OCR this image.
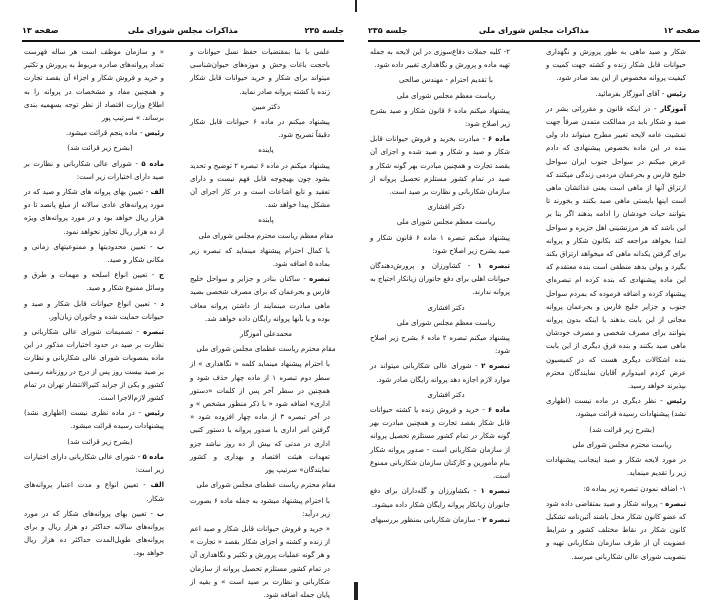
جلسه ۲۳۵
مذاکرات مجلس شورای ملی
صفحه ۱۳

علمی با بنا بمقتضیات حفظ نسل حیوانات و باحجت باغات وحش و موزه‌های حیوان‌شناسی میتواند برای شکار و خرید حیوانات قابل شکار زنده یا کشته پروانه صادر نماید.

دکتر مبین

پیشنهاد میکنم در ماده ۶ حیوانات قابل شکار دقیقاً تصریح شود.

پاینده

پیشنهاد میکنم در ماده ۶ تبصره ۲ توضیح و تحدید بشود چون بهیچوجه قابل فهم نیست و دارای تعقید و تابع اشاعات است و در کار اجرای آن مشکل پیدا خواهد شد.

پاینده

مقام معظم ریاست محترم مجلس شورای ملی

با کمال احترام پیشنهاد مینماید که تبصره زیر بماده ۵ اضافه شود.

تبصره - ساکنان بنادر و جزایر و سواحل خلیج فارس و بحرعمان که برای مصرف شخصی بصید ماهی مبادرت مینمایند از داشتن پروانه معاف بوده و یا بآنها پروانه رایگان داده خواهد شد.

محمدعلی آموزگار

مقام محترم ریاست عظمای مجلس شورای ملی

با احترام پیشنهاد مینماید کلمه « نگاهداری » از سطر دوم تبصره ۱ از ماده چهار حذف شود و همچنین در سطر آخر پس از کلمات «دستور اداری» اضافه شود « با ذکر منظور مشخص » و در آخر تبصره ۳ از ماده چهار افزوده شود « گرفتن امر اداری با صدور پروانه با دستور کتبی اداری در مدتی که بیش از ده روز نباشد جزو تعهدات هیئت اقتصاد و بهداری و کشور نمایندگان» سرتیپ پور

مقام محترم ریاست عظمای مجلس شورای ملی

با احترام پیشنهاد میشود به جمله ماده ۶ بصورت زیر درآید:

« خرید و فروش حیوانات قابل شکار و صید اعم از زنده و کشته و اجزای شکار بقصد « تجارت » و هر گونه عملیات پرورش و تکثیر و نگاهداری آن در تمام کشور مستلزم تحصیل پروانه از سازمان شکاربانی و نظارت بر صید است » و بقیه از پایان جمله اضافه شود.

« و سازمان موظف است هر ساله فهرست تعداد پروانه‌های صادره مربوط به پرورش و تکثیر و خرید و فروش شکار و اجزاء آن بقصد تجارت و همچنین مفاد و مشخصات در پروانه را به اطلاع وزارت اقتصاد از نظر توجه بسهمیه بندی برساند. » سرتیپ پور

رئیس - ماده پنجم قرائت میشود.

(بشرح زیر قرائت شد)

ماده ۵ - شورای عالی شکاربانی و نظارت بر صید دارای اختیارات زیر است:

الف - تعیین بهای پروانه های شکار و صید که در مورد پروانه‌های عادی سالانه از مبلغ پانصد تا دو هزار ریال خواهد بود و در مورد پروانه‌های ویژه از ده هزار ریال تجاوز نخواهد نمود.

ب - تعیین محدودیتها و ممنوعیتهای زمانی و مکانی شکار و صید.

ج - تعیین انواع اسلحه و مهمات و طرق و وسائل ممنوع شکار و صید.

د - تعیین انواع حیوانات قابل شکار و صید و حیوانات حمایت شده و جانوران زیان‌آور.

تبصره - تصمیمات شورای عالی شکاربانی و نظارت بر صید در حدود اختیارات مذکور در این ماده بمصوبات شورای عالی شکاربانی و نظارت بر صید بیست روز پس از درج در روزنامه رسمی کشور و یکی از جراید کثیرالانتشار تهران در تمام کشور لازم‌الاجرا است.

رئیس - در ماده نظری نیست (اظهاری نشد) پیشنهادات رسیده قرائت میشود.

(بشرح زیر قرائت شد)

ماده ۵ - شورای عالی شکاربانی دارای اختیارات زیر است:

الف - تعیین انواع و مدت اعتبار پروانه‌های شکار.

ب - تعیین بهای پروانه‌های شکار که در مورد پروانه‌های سالانه حداکثر دو هزار ریال و برای پروانه‌های طویل‌المدت حداکثر ده هزار ریال خواهد بود.

صفحه ۱۲
مذاکرات مجلس شورای ملی
جلسه ۲۳۵

شکار و صید ماهی به طور پرورش و نگهداری حیوانات قابل شکار زنده و کشته جهت کمیت و کیفیت پروانه مخصوص از این بعد صادر شود.

رئیس - آقای آموزگار بفرمائید.

آموزگار - در اینکه قانون و مقرراتی بشر در صید و شکار باید در ممالکت متمدن صرفاً جهت تمشیت عامه لایحه تغییر مطرح میتواند داد ولی بنده در این ماده بخصوص پیشنهادی که دادم عرض میکنم در سواحل جنوب ایران سواحل خلیج فارس و بحرعمان مردمی زندگی میکنند که ارتزاق آنها از ماهی است یعنی غذائشان ماهی است اینها بایستی ماهی صید بکنند و بخورند تا بتوانند حیات خودشان را ادامه بدهند اگر بنا بر این باشد که هر مرزنشینی اهل جزیره و سواحل ابتدا بخواهد مراجعه کند بکانون شکار و پروانه برای گرفتن یکدانه ماهی که میخواهد ارتزاق بکند بگیرد و پولی بدهد منطقی است بنده معتقدم که این ماده پیشنهادی که بنده کرده ام تبصره‌ای پیشنهاد کرده و اضافه فرموده که بمردم سواحل جنوب و جزایر خلیج فارس و بحرعمان پروانه مجانی از این بابت بدهند یا اینکه بدون پروانه بتوانند برای مصرف شخصی و مصرف خودشان ماهی صید بکنند و بنده فرق دیگری از این بابت بنده اشکالات دیگری هست که در کمیسیون عرض کردم امیدوارم آقایان نمایندگان محترم بپذیرند خواهد رسید.

رئیس - نظر دیگری در ماده نیست (اظهاری نشد) پیشنهادات رسیده قرائت میشود.

(بشرح زیر قرائت شد)

ریاست محترم مجلس شورای ملی

در مورد لایحه شکار و صید اینجانب پیشنهادات زیر را تقدیم مینماید.

۱- اضافه نمودن تبصره زیر بماده ۵:

تبصره - پروانه شکار و صید بمتقاضی داده شود که عضو کانون شکار محل باشند آئین‌نامه تشکیل کانون شکار در نقاط مختلف کشور و شرایط عضویت آن از طرف سازمان شکاربانی تهیه و بتصویب شورای عالی شکاربانی میرسد.

۲- کلیه جملات دفاع‌سوزی در این لایحه به جمله تهیه ماده و پرورش و نگاهداری تغییر داده شود.

با تقدیم احترام - مهندس صالحی

ریاست معظم مجلس شورای ملی

پیشنهاد میکنم ماده ۶ قانون شکار و صید بشرح زیر اصلاح شود:

ماده ۶ - مبادرت بخرید و فروش حیوانات قابل شکار و صید و شکار و صید شده و اجزای آن بقصد تجارت و همچنین مبادرت بهر گونه شکار و صید در تمام کشور مستلزم تحصیل پروانه از سازمان شکاربانی و نظارت بر صید است.

دکتر افشاری

ریاست معظم مجلس شورای ملی

پیشنهاد میکنم تبصره ۱ ماده ۶ قانون شکار و صید بشرح زیر اصلاح شود:

تبصره ۱ - کشاورزان و پرورش‌دهندگان حیوانات اهلی برای دفع جانوران زیانکار احتیاج به پروانه ندارند.

دکتر افشاری

ریاست معظم مجلس شورای ملی

پیشنهاد میکنم تبصره ۲ ماده ۶ بشرح زیر اصلاح شود:

تبصره ۲ - شورای عالی شکاربانی میتواند در موارد لازم اجازه دهد پروانه رایگان صادر شود.

دکتر افشاری

ماده ۶ - خرید و فروش زنده یا کشته حیوانات قابل شکار بقصد تجارت و همچنین مبادرت بهر گونه شکار در تمام کشور مستلزم تحصیل پروانه از سازمان شکاربانی است - صدور پروانه شکار بنام مأمورین و کارکنان سازمان شکاربانی ممنوع است.

تبصره ۱ - بکشاورزان و گله‌داران برای دفع جانوران زیانکار پروانه رایگان شکار داده میشود.

تبصره ۲ - سازمان شکاربانی بمنظور بررسیهای
